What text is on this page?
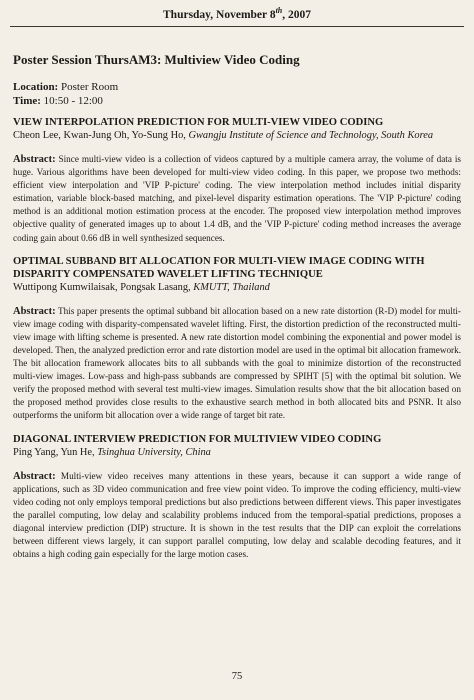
Thursday, November 8th, 2007
Poster Session ThursAM3: Multiview Video Coding
Location: Poster Room
Time: 10:50 - 12:00
VIEW INTERPOLATION PREDICTION FOR MULTI-VIEW VIDEO CODING
Cheon Lee, Kwan-Jung Oh, Yo-Sung Ho, Gwangju Institute of Science and Technology, South Korea
Abstract: Since multi-view video is a collection of videos captured by a multiple camera array, the volume of data is huge. Various algorithms have been developed for multi-view video coding. In this paper, we propose two methods: efficient view interpolation and 'VIP P-picture' coding. The view interpolation method includes initial disparity estimation, variable block-based matching, and pixel-level disparity estimation operations. The 'VIP P-picture' coding method is an additional motion estimation process at the encoder. The proposed view interpolation method improves objective quality of generated images up to about 1.4 dB, and the 'VIP P-picture' coding method increases the average coding gain about 0.66 dB in well synthesized sequences.
OPTIMAL SUBBAND BIT ALLOCATION FOR MULTI-VIEW IMAGE CODING WITH DISPARITY COMPENSATED WAVELET LIFTING TECHNIQUE
Wuttipong Kumwilaisak, Pongsak Lasang, KMUTT, Thailand
Abstract: This paper presents the optimal subband bit allocation based on a new rate distortion (R-D) model for multi-view image coding with disparity-compensated wavelet lifting. First, the distortion prediction of the reconstructed multi-view image with lifting scheme is presented. A new rate distortion model combining the exponential and power model is developed. Then, the analyzed prediction error and rate distortion model are used in the optimal bit allocation framework. The bit allocation framework allocates bits to all subbands with the goal to minimize distortion of the reconstructed multi-view images. Low-pass and high-pass subbands are compressed by SPIHT [5] with the optimal bit solution. We verify the proposed method with several test multi-view images. Simulation results show that the bit allocation based on the proposed method provides close results to the exhaustive search method in both allocated bits and PSNR. It also outperforms the uniform bit allocation over a wide range of target bit rate.
DIAGONAL INTERVIEW PREDICTION FOR MULTIVIEW VIDEO CODING
Ping Yang, Yun He, Tsinghua University, China
Abstract: Multi-view video receives many attentions in these years, because it can support a wide range of applications, such as 3D video communication and free view point video. To improve the coding efficiency, multi-view video coding not only employs temporal predictions but also predictions between different views. This paper investigates the parallel computing, low delay and scalability problems induced from the temporal-spatial predictions, proposes a diagonal interview prediction (DIP) structure. It is shown in the test results that the DIP can exploit the correlations between different views largely, it can support parallel computing, low delay and scalable decoding features, and it obtains a high coding gain especially for the large motion cases.
75
